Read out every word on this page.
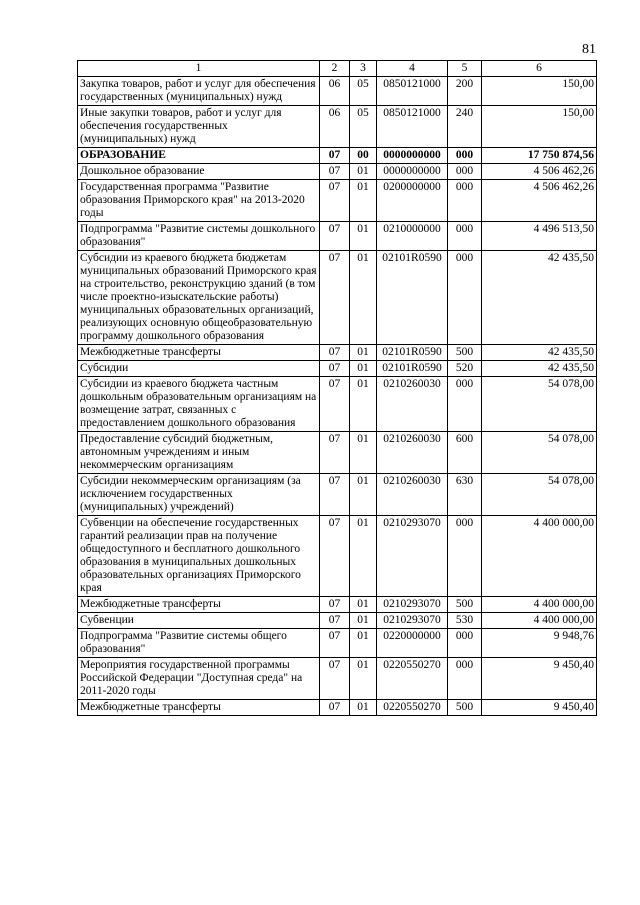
81
1	2	3	4	5	6
Закупка товаров, работ и услуг для обеспечения государственных (муниципальных) нужд	06	05	0850121000	200	150,00
Иные закупки товаров, работ и услуг для обеспечения государственных (муниципальных) нужд	06	05	0850121000	240	150,00
ОБРАЗОВАНИЕ	07	00	0000000000	000	17 750 874,56
Дошкольное образование	07	01	0000000000	000	4 506 462,26
Государственная программа "Развитие образования Приморского края" на 2013-2020 годы	07	01	0200000000	000	4 506 462,26
Подпрограмма "Развитие системы дошкольного образования"	07	01	0210000000	000	4 496 513,50
Субсидии из краевого бюджета бюджетам муниципальных образований Приморского края на строительство, реконструкцию зданий (в том числе проектно-изыскательские работы) муниципальных образовательных организаций, реализующих основную общеобразовательную программу дошкольного образования	07	01	02101R0590	000	42 435,50
Межбюджетные трансферты	07	01	02101R0590	500	42 435,50
Субсидии	07	01	02101R0590	520	42 435,50
Субсидии из краевого бюджета частным дошкольным образовательным организациям на возмещение затрат, связанных с предоставлением дошкольного образования	07	01	0210260030	000	54 078,00
Предоставление субсидий бюджетным, автономным учреждениям и иным некоммерческим организациям	07	01	0210260030	600	54 078,00
Субсидии некоммерческим организациям (за исключением государственных (муниципальных) учреждений)	07	01	0210260030	630	54 078,00
Субвенции на обеспечение государственных гарантий реализации прав на получение общедоступного и бесплатного дошкольного образования в муниципальных дошкольных образовательных организациях Приморского края	07	01	0210293070	000	4 400 000,00
Межбюджетные трансферты	07	01	0210293070	500	4 400 000,00
Субвенции	07	01	0210293070	530	4 400 000,00
Подпрограмма "Развитие системы общего образования"	07	01	0220000000	000	9 948,76
Мероприятия государственной программы Российской Федерации "Доступная среда" на 2011-2020 годы	07	01	0220550270	000	9 450,40
Межбюджетные трансферты	07	01	0220550270	500	9 450,40
